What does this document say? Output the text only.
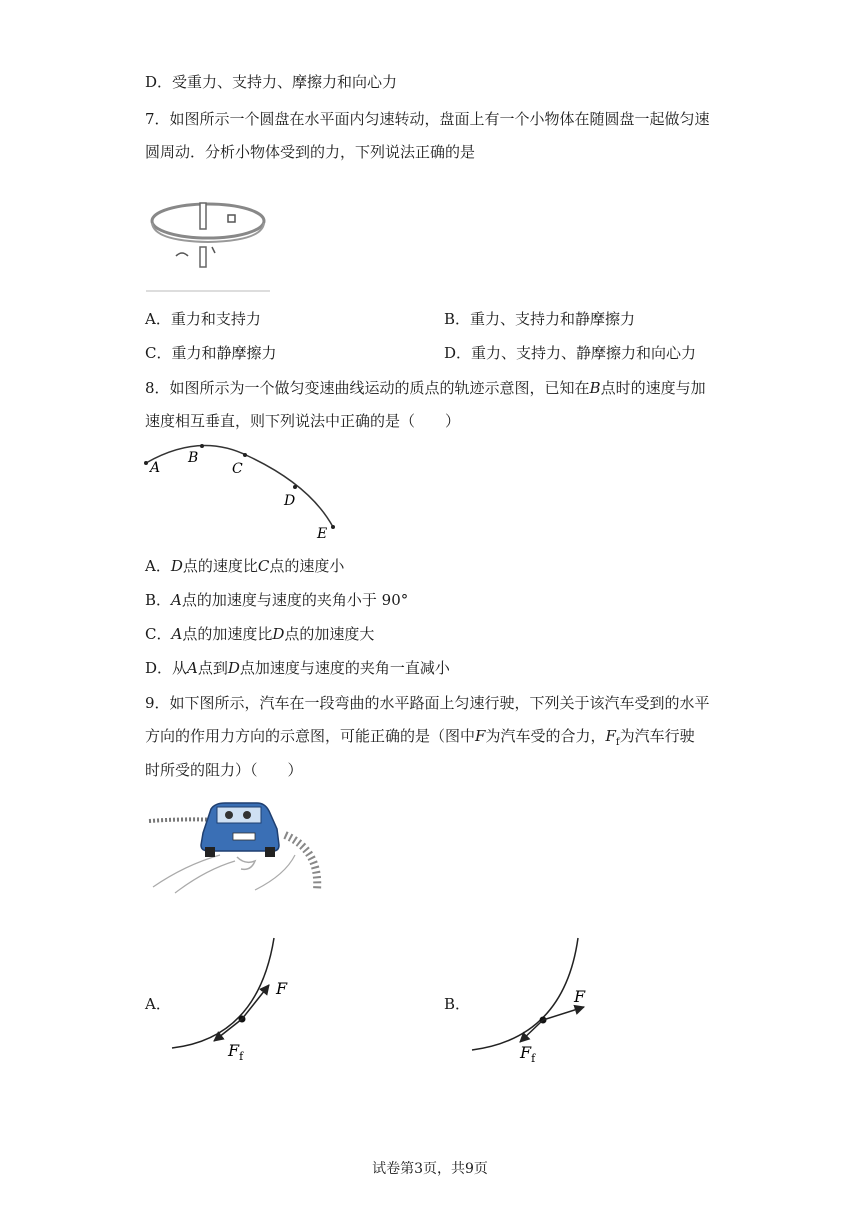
D．受重力、支持力、摩擦力和向心力
7．如图所示一个圆盘在水平面内匀速转动，盘面上有一个小物体在随圆盘一起做匀速
圆周动．分析小物体受到的力，下列说法正确的是
A．重力和支持力	B．重力、支持力和静摩擦力
C．重力和静摩擦力	D．重力、支持力、静摩擦力和向心力
8．如图所示为一个做匀变速曲线运动的质点的轨迹示意图，已知在B点时的速度与加
速度相互垂直，则下列说法中正确的是（　　）
A
B
C
D
E
A．D点的速度比C点的速度小
B．A点的加速度与速度的夹角小于 90°
C．A点的加速度比D点的加速度大
D．从A点到D点加速度与速度的夹角一直减小
9．如下图所示，汽车在一段弯曲的水平路面上匀速行驶，下列关于该汽车受到的水平
方向的作用力方向的示意图，可能正确的是（图中F为汽车受的合力，$F_f$为汽车行驶
时所受的阻力）（　　）
A．
F
$F_f$
B．	F
$F_f$
试卷第3页，共9页
